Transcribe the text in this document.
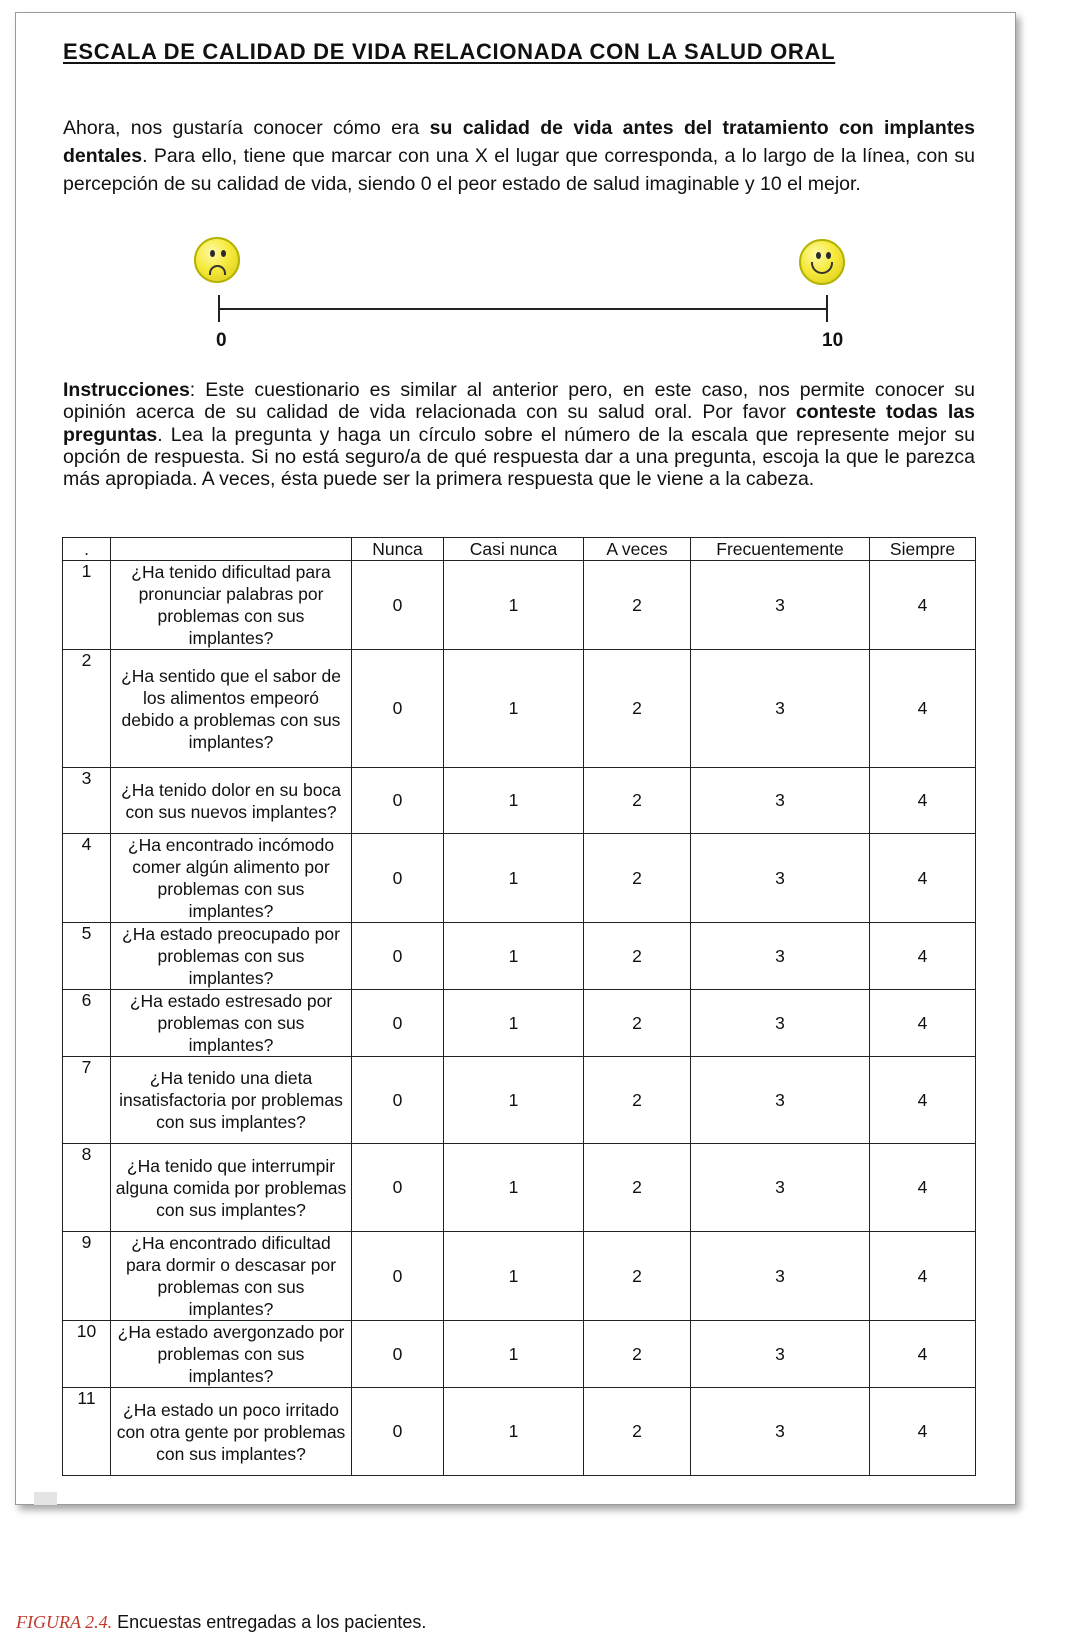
ESCALA DE CALIDAD DE VIDA RELACIONADA CON LA SALUD ORAL

Ahora, nos gustaría conocer cómo era su calidad de vida antes del tratamiento con implantes dentales. Para ello, tiene que marcar con una X el lugar que corresponda, a lo largo de la línea, con su percepción de su calidad de vida, siendo 0 el peor estado de salud imaginable y 10 el mejor.

0	10

Instrucciones: Este cuestionario es similar al anterior pero, en este caso, nos permite conocer su opinión acerca de su calidad de vida relacionada con su salud oral. Por favor conteste todas las preguntas. Lea la pregunta y haga un círculo sobre el número de la escala que represente mejor su opción de respuesta. Si no está seguro/a de qué respuesta dar a una pregunta, escoja la que le parezca más apropiada. A veces, ésta puede ser la primera respuesta que le viene a la cabeza.

.		Nunca	Casi nunca	A veces	Frecuentemente	Siempre
1	¿Ha tenido dificultad para pronunciar palabras por problemas con sus implantes?	0	1	2	3	4
2	¿Ha sentido que el sabor de los alimentos empeoró debido a problemas con sus implantes?	0	1	2	3	4
3	¿Ha tenido dolor en su boca con sus nuevos implantes?	0	1	2	3	4
4	¿Ha encontrado incómodo comer algún alimento por problemas con sus implantes?	0	1	2	3	4
5	¿Ha estado preocupado por problemas con sus implantes?	0	1	2	3	4
6	¿Ha estado estresado por problemas con sus implantes?	0	1	2	3	4
7	¿Ha tenido una dieta insatisfactoria por problemas con sus implantes?	0	1	2	3	4
8	¿Ha tenido que interrumpir alguna comida por problemas con sus implantes?	0	1	2	3	4
9	¿Ha encontrado dificultad para dormir o descasar por problemas con sus implantes?	0	1	2	3	4
10	¿Ha estado avergonzado por problemas con sus implantes?	0	1	2	3	4
11	¿Ha estado un poco irritado con otra gente por problemas con sus implantes?	0	1	2	3	4
FIGURA 2.4. Encuestas entregadas a los pacientes.
